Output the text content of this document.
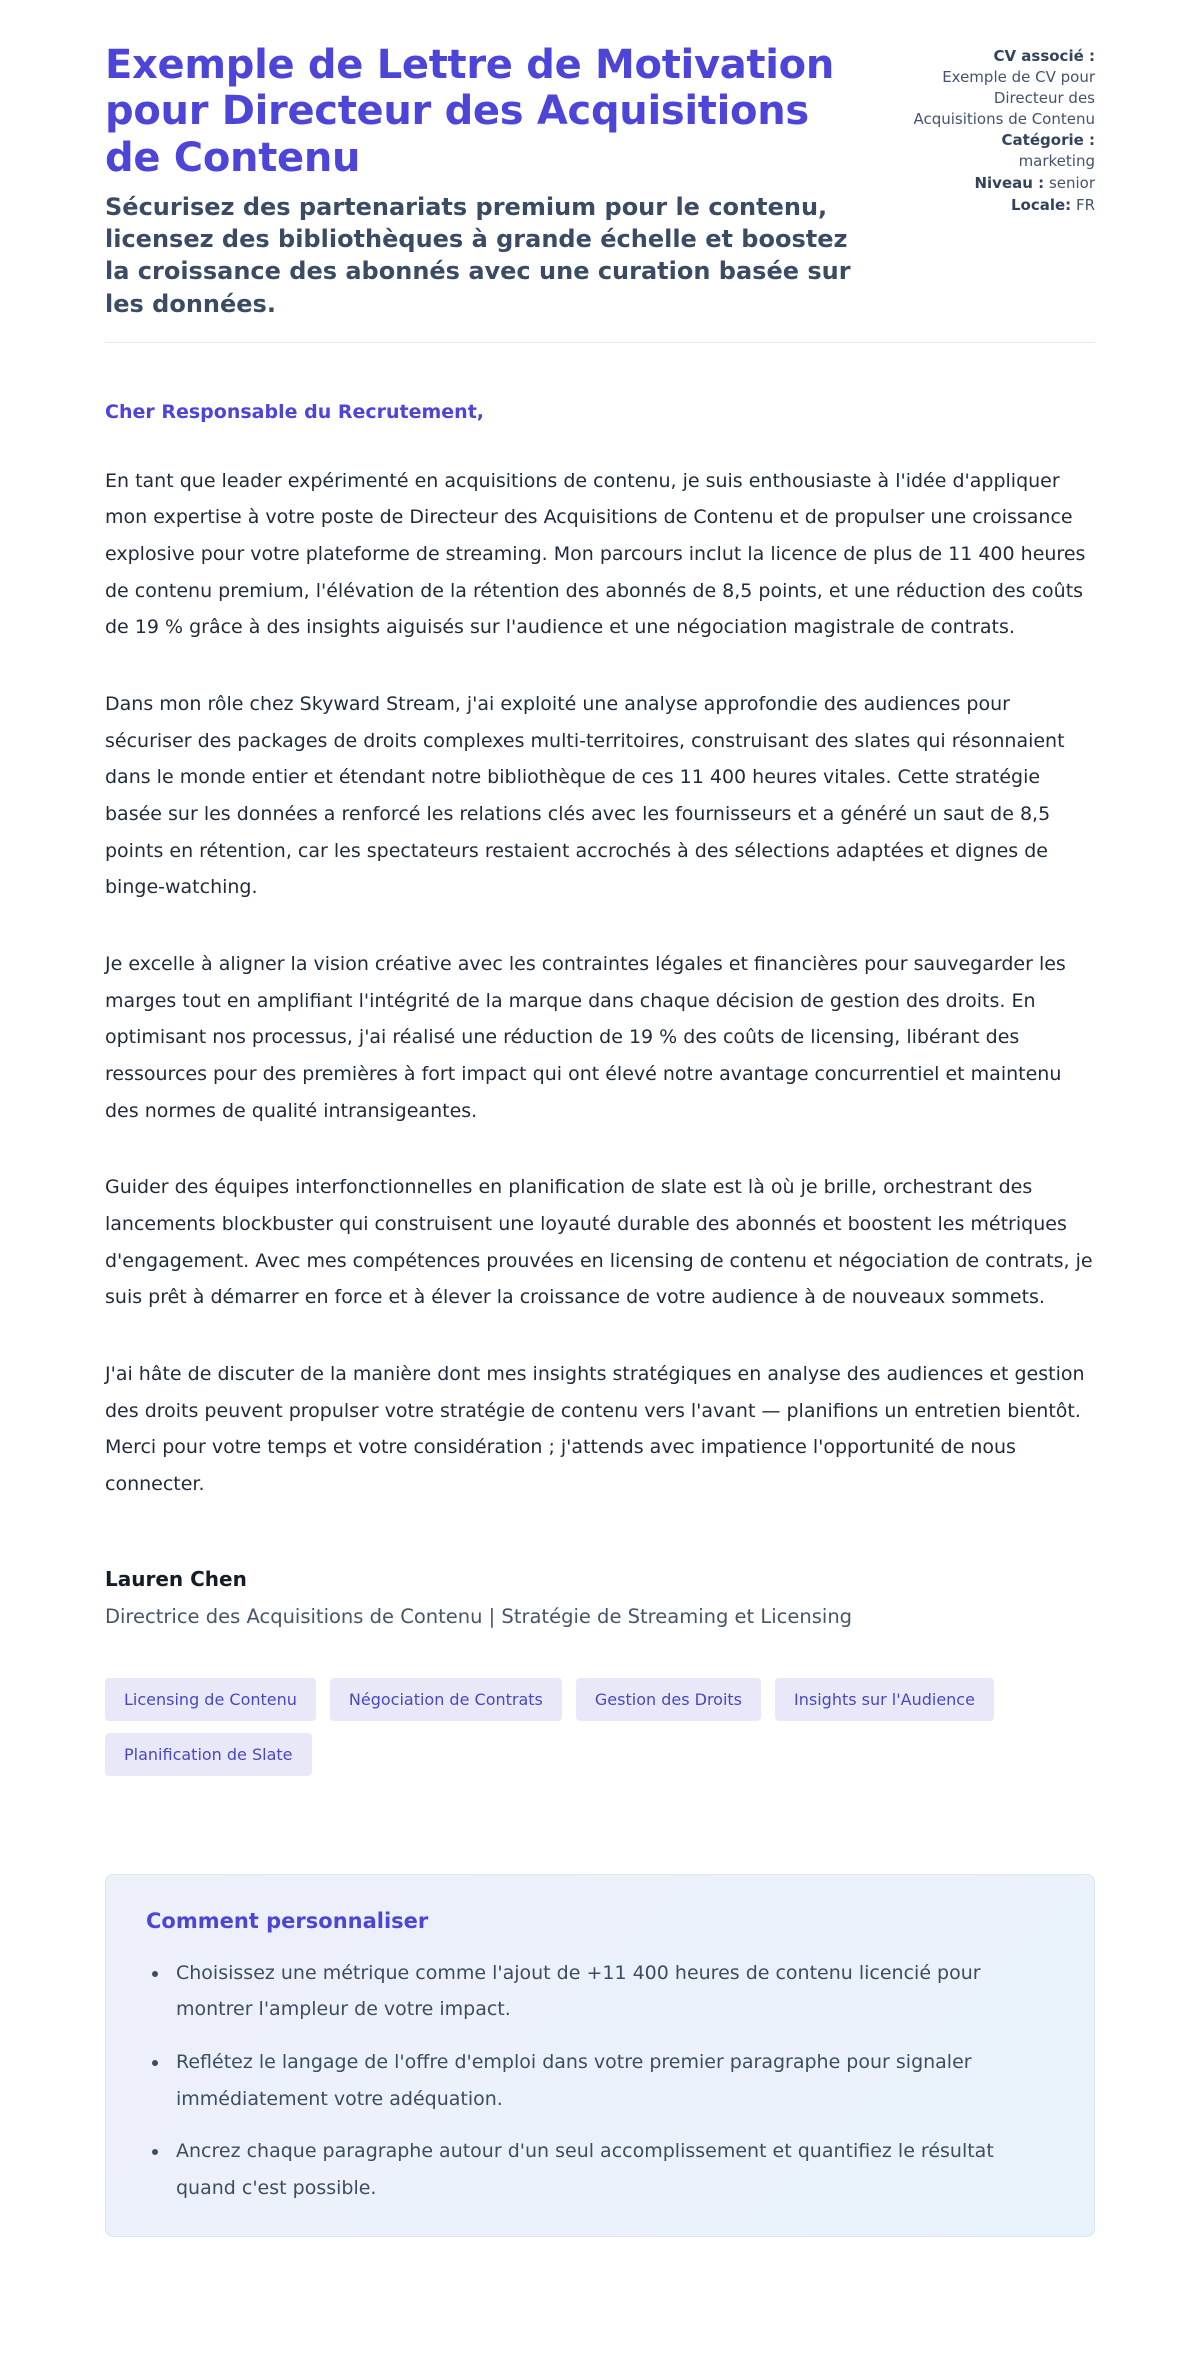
Exemple de Lettre de Motivation pour Directeur des Acquisitions de Contenu

Sécurisez des partenariats premium pour le contenu, licensez des bibliothèques à grande échelle et boostez la croissance des abonnés avec une curation basée sur les données.

CV associé :
Exemple de CV pour Directeur des Acquisitions de Contenu
Catégorie :
marketing
Niveau : senior
Locale: FR

Cher Responsable du Recrutement,

En tant que leader expérimenté en acquisitions de contenu, je suis enthousiaste à l'idée d'appliquer mon expertise à votre poste de Directeur des Acquisitions de Contenu et de propulser une croissance explosive pour votre plateforme de streaming. Mon parcours inclut la licence de plus de 11 400 heures de contenu premium, l'élévation de la rétention des abonnés de 8,5 points, et une réduction des coûts de 19 % grâce à des insights aiguisés sur l'audience et une négociation magistrale de contrats.

Dans mon rôle chez Skyward Stream, j'ai exploité une analyse approfondie des audiences pour sécuriser des packages de droits complexes multi-territoires, construisant des slates qui résonnaient dans le monde entier et étendant notre bibliothèque de ces 11 400 heures vitales. Cette stratégie basée sur les données a renforcé les relations clés avec les fournisseurs et a généré un saut de 8,5 points en rétention, car les spectateurs restaient accrochés à des sélections adaptées et dignes de binge-watching.

Je excelle à aligner la vision créative avec les contraintes légales et financières pour sauvegarder les marges tout en amplifiant l'intégrité de la marque dans chaque décision de gestion des droits. En optimisant nos processus, j'ai réalisé une réduction de 19 % des coûts de licensing, libérant des ressources pour des premières à fort impact qui ont élevé notre avantage concurrentiel et maintenu des normes de qualité intransigeantes.

Guider des équipes interfonctionnelles en planification de slate est là où je brille, orchestrant des lancements blockbuster qui construisent une loyauté durable des abonnés et boostent les métriques d'engagement. Avec mes compétences prouvées en licensing de contenu et négociation de contrats, je suis prêt à démarrer en force et à élever la croissance de votre audience à de nouveaux sommets.

J'ai hâte de discuter de la manière dont mes insights stratégiques en analyse des audiences et gestion des droits peuvent propulser votre stratégie de contenu vers l'avant — planifions un entretien bientôt. Merci pour votre temps et votre considération ; j'attends avec impatience l'opportunité de nous connecter.

Lauren Chen

Directrice des Acquisitions de Contenu | Stratégie de Streaming et Licensing

Licensing de Contenu	Négociation de Contrats	Gestion des Droits	Insights sur l'Audience
Planification de Slate
Comment personnaliser
• Choisissez une métrique comme l'ajout de +11 400 heures de contenu licencié pour montrer l'ampleur de votre impact.
• Reflétez le langage de l'offre d'emploi dans votre premier paragraphe pour signaler immédiatement votre adéquation.
• Ancrez chaque paragraphe autour d'un seul accomplissement et quantifiez le résultat quand c'est possible.
